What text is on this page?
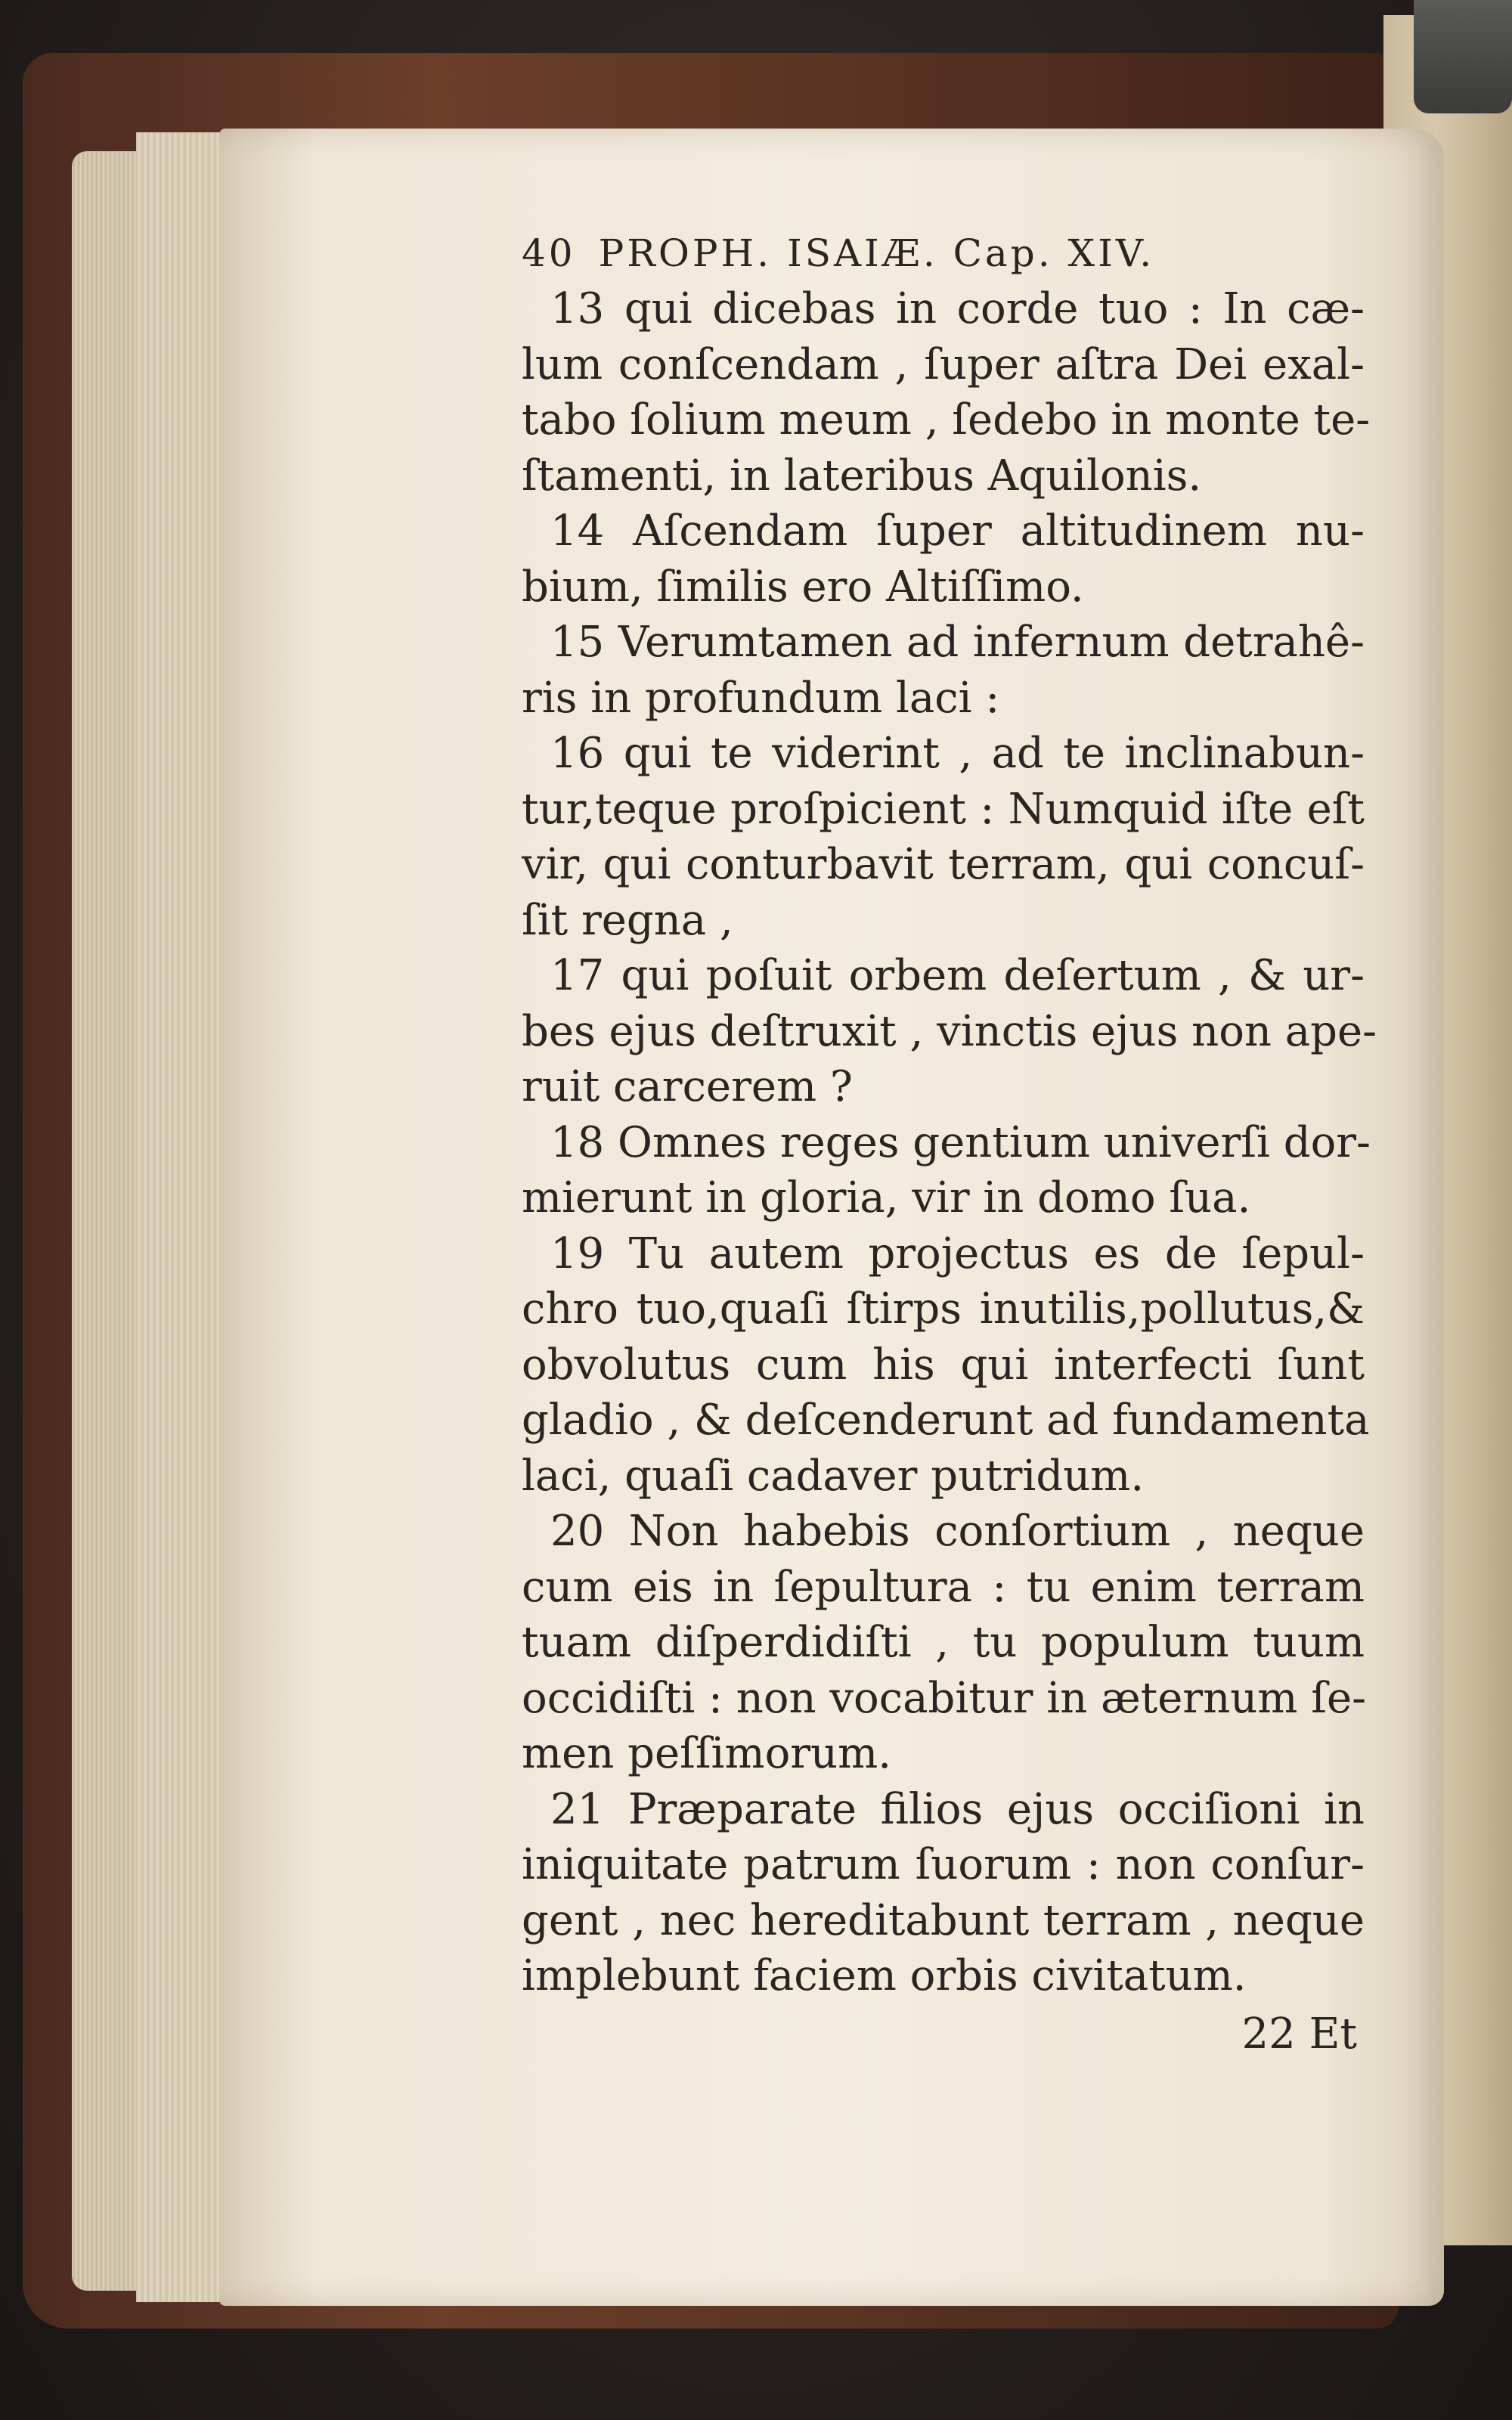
40 PROPH. ISAIÆ. Cap. XIV.
13 qui dicebas in corde tuo : In cæ-
lum conſcendam , ſuper aſtra Dei exal-
tabo ſolium meum , ſedebo in monte te-
ſtamenti, in lateribus Aquilonis.
14 Aſcendam ſuper altitudinem nu-
bium, ſimilis ero Altiſſimo.
15 Verumtamen ad infernum detrahê-
ris in profundum laci :
16 qui te viderint , ad te inclinabun-
tur,teque proſpicient : Numquid iſte eſt
vir, qui conturbavit terram, qui concuſ-
ſit regna ,
17 qui poſuit orbem deſertum , & ur-
bes ejus deſtruxit , vinctis ejus non ape-
ruit carcerem ?
18 Omnes reges gentium univerſi dor-
mierunt in gloria, vir in domo ſua.
19 Tu autem projectus es de ſepul-
chro tuo,quaſi ſtirps inutilis,pollutus,&
obvolutus cum his qui interfecti ſunt
gladio , & deſcenderunt ad fundamenta
laci, quaſi cadaver putridum.
20 Non habebis conſortium , neque
cum eis in ſepultura : tu enim terram
tuam diſperdidiſti , tu populum tuum
occidiſti : non vocabitur in æternum ſe-
men peſſimorum.
21 Præparate filios ejus occiſioni in
iniquitate patrum ſuorum : non conſur-
gent , nec hereditabunt terram , neque
implebunt faciem orbis civitatum.
22 Et
